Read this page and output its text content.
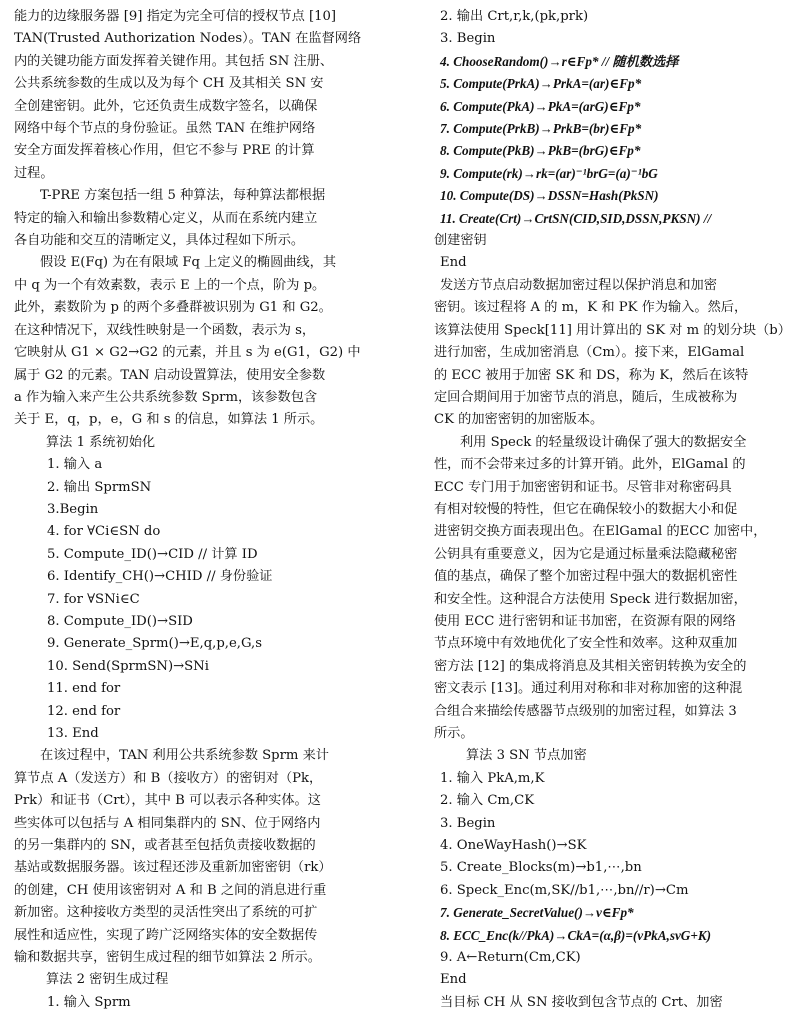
能力的边缘服务器 [9] 指定为完全可信的授权节点 [10]
TAN(Trusted Authorization Nodes）。TAN 在监督网络
内的关键功能方面发挥着关键作用。其包括 SN 注册、
公共系统参数的生成以及为每个 CH 及其相关 SN 安
全创建密钥。此外，它还负责生成数字签名，以确保
网络中每个节点的身份验证。虽然 TAN 在维护网络
安全方面发挥着核心作用，但它不参与 PRE 的计算
过程。
T-PRE 方案包括一组 5 种算法，每种算法都根据
特定的输入和输出参数精心定义，从而在系统内建立
各自功能和交互的清晰定义，具体过程如下所示。
假设 E(Fq) 为在有限域 Fq 上定义的椭圆曲线，其
中 q 为一个有效素数，表示 E 上的一个点，阶为 p。
此外，素数阶为 p 的两个多叠群被识别为 G1 和 G2。
在这种情况下，双线性映射是一个函数，表示为 s，
它映射从 G1 × G2→G2 的元素，并且 s 为 e(G1，G2) 中
属于 G2 的元素。TAN 启动设置算法，使用安全参数
a 作为输入来产生公共系统参数 Sprm，该参数包含
关于 E，q，p，e，G 和 s 的信息，如算法 1 所示。
算法 1 系统初始化
1. 输入 a
2. 输出 SprmSN
3.Begin
4. for ∀Ci∈SN do
5. Compute_ID()→CID // 计算 ID
6. Identify_CH()→CHID // 身份验证
7. for ∀SNi∈C
8. Compute_ID()→SID
9. Generate_Sprm()→E,q,p,e,G,s
10. Send(SprmSN)→SNi
11. end for
12. end for
13. End
在该过程中，TAN 利用公共系统参数 Sprm 来计
算节点 A（发送方）和 B（接收方）的密钥对（Pk，
Prk）和证书（Crt），其中 B 可以表示各种实体。这
些实体可以包括与 A 相同集群内的 SN、位于网络内
的另一集群内的 SN，或者甚至包括负责接收数据的
基站或数据服务器。该过程还涉及重新加密密钥（rk）
的创建，CH 使用该密钥对 A 和 B 之间的消息进行重
新加密。这种接收方类型的灵活性突出了系统的可扩
展性和适应性，实现了跨广泛网络实体的安全数据传
输和数据共享，密钥生成过程的细节如算法 2 所示。
算法 2 密钥生成过程
1. 输入 Sprm
2. 输出 Crt,r,k,(pk,prk)
3. Begin
4. ChooseRandom()→r∈Fp* // 随机数选择
5. Compute(PrkA)→PrkA=(ar)∈Fp*
6. Compute(PkA)→PkA=(arG)∈Fp*
7. Compute(PrkB)→PrkB=(br)∈Fp*
8. Compute(PkB)→PkB=(brG)∈Fp*
9. Compute(rk)→rk=(ar)⁻¹brG=(a)⁻¹bG
10. Compute(DS)→DSSN=Hash(PkSN)
11. Create(Crt)→CrtSN(CID,SID,DSSN,PKSN) //
创建密钥
End
发送方节点启动数据加密过程以保护消息和加密
密钥。该过程将 A 的 m，K 和 PK 作为输入。然后，
该算法使用 Speck[11] 用计算出的 SK 对 m 的划分块（b）
进行加密，生成加密消息（Cm）。接下来，ElGamal
的 ECC 被用于加密 SK 和 DS，称为 K，然后在该特
定回合期间用于加密节点的消息，随后，生成被称为
CK 的加密密钥的加密版本。
利用 Speck 的轻量级设计确保了强大的数据安全
性，而不会带来过多的计算开销。此外，ElGamal 的
ECC 专门用于加密密钥和证书。尽管非对称密码具
有相对较慢的特性，但它在确保较小的数据大小和促
进密钥交换方面表现出色。在ElGamal 的ECC 加密中，
公钥具有重要意义，因为它是通过标量乘法隐藏秘密
值的基点，确保了整个加密过程中强大的数据机密性
和安全性。这种混合方法使用 Speck 进行数据加密，
使用 ECC 进行密钥和证书加密，在资源有限的网络
节点环境中有效地优化了安全性和效率。这种双重加
密方法 [12] 的集成将消息及其相关密钥转换为安全的
密文表示 [13]。通过利用对称和非对称加密的这种混
合组合来描绘传感器节点级别的加密过程，如算法 3
所示。
算法 3 SN 节点加密
1. 输入 PkA,m,K
2. 输入 Cm,CK
3. Begin
4. OneWayHash()→SK
5. Create_Blocks(m)→b1,⋯,bn
6. Speck_Enc(m,SK//b1,⋯,bn//r)→Cm
7. Generate_SecretValue()→v∈Fp*
8. ECC_Enc(k//PkA)→CkA=(α,β)=(vPkA,svG+K)
9. A←Return(Cm,CK)
End
当目标 CH 从 SN 接收到包含节点的 Crt、加密
